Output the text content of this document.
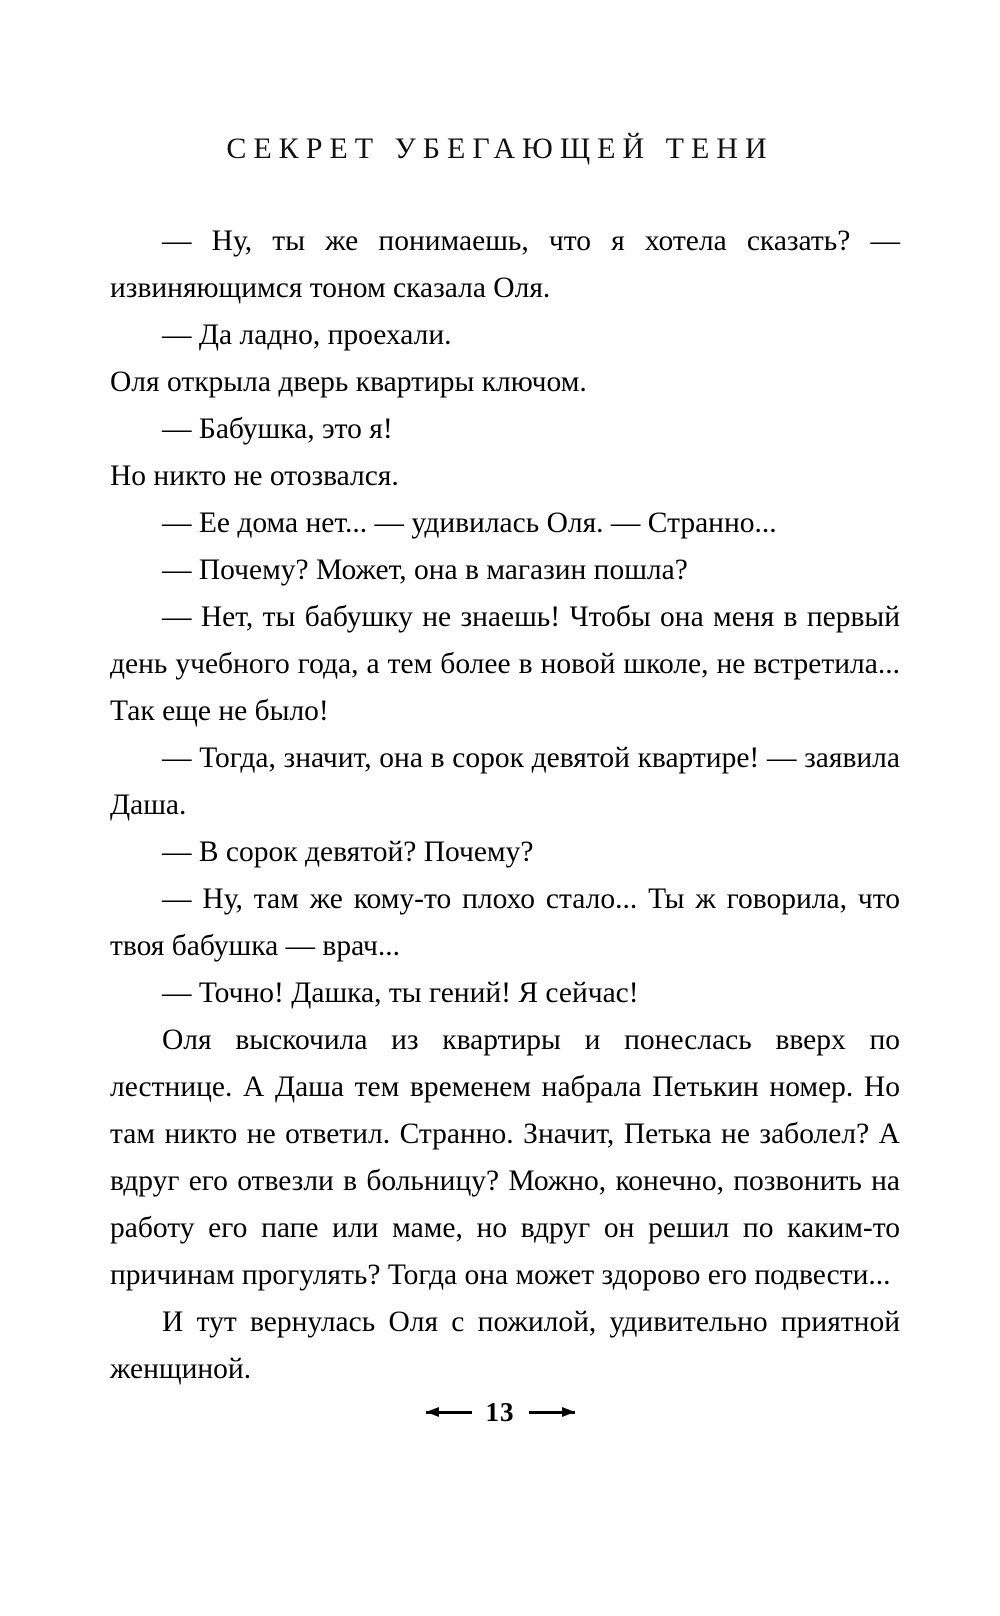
СЕКРЕТ УБЕГАЮЩЕЙ ТЕНИ

— Ну, ты же понимаешь, что я хотела сказать? — извиняющимся тоном сказала Оля.

— Да ладно, проехали.

Оля открыла дверь квартиры ключом.

— Бабушка, это я!

Но никто не отозвался.

— Ее дома нет... — удивилась Оля. — Странно...

— Почему? Может, она в магазин пошла?

— Нет, ты бабушку не знаешь! Чтобы она меня в первый день учебного года, а тем более в новой школе, не встретила... Так еще не было!

— Тогда, значит, она в сорок девятой квартире! — заявила Даша.

— В сорок девятой? Почему?

— Ну, там же кому-то плохо стало... Ты ж говорила, что твоя бабушка — врач...

— Точно! Дашка, ты гений! Я сейчас!

Оля выскочила из квартиры и понеслась вверх по лестнице. А Даша тем временем набрала Петькин номер. Но там никто не ответил. Странно. Значит, Петька не заболел? А вдруг его отвезли в больницу? Можно, конечно, позвонить на работу его папе или маме, но вдруг он решил по каким-то причинам прогулять? Тогда она может здорово его подвести...

И тут вернулась Оля с пожилой, удивительно приятной женщиной.

13
